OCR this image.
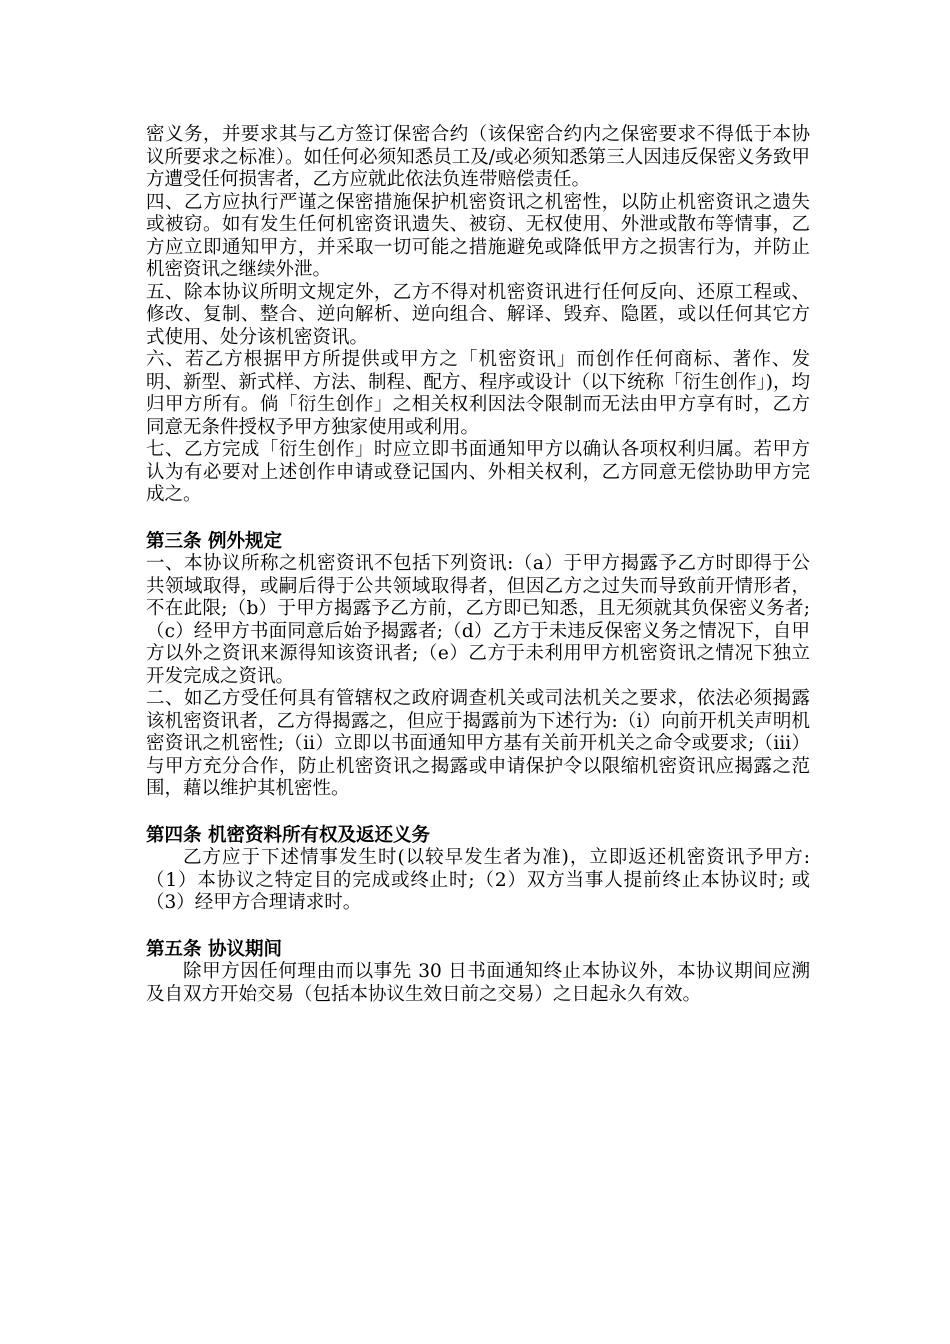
密义务，并要求其与乙方签订保密合约（该保密合约内之保密要求不得低于本协议所要求之标准）。如任何必须知悉员工及/或必须知悉第三人因违反保密义务致甲方遭受任何损害者，乙方应就此依法负连带赔偿责任。

四、乙方应执行严谨之保密措施保护机密资讯之机密性，以防止机密资讯之遗失或被窃。如有发生任何机密资讯遗失、被窃、无权使用、外泄或散布等情事，乙方应立即通知甲方，并采取一切可能之措施避免或降低甲方之损害行为，并防止机密资讯之继续外泄。

五、除本协议所明文规定外，乙方不得对机密资讯进行任何反向、还原工程或、修改、复制、整合、逆向解析、逆向组合、解译、毁弃、隐匿，或以任何其它方式使用、处分该机密资讯。

六、若乙方根据甲方所提供或甲方之「机密资讯」而创作任何商标、著作、发明、新型、新式样、方法、制程、配方、程序或设计（以下统称「衍生创作」)，均归甲方所有。倘「衍生创作」之相关权利因法令限制而无法由甲方享有时，乙方同意无条件授权予甲方独家使用或利用。

七、乙方完成「衍生创作」时应立即书面通知甲方以确认各项权利归属。若甲方认为有必要对上述创作申请或登记国内、外相关权利，乙方同意无偿协助甲方完成之。

第三条 例外规定

一、本协议所称之机密资讯不包括下列资讯:（a）于甲方揭露予乙方时即得于公共领域取得，或嗣后得于公共领域取得者，但因乙方之过失而导致前开情形者，不在此限;（b）于甲方揭露予乙方前，乙方即已知悉，且无须就其负保密义务者;（c）经甲方书面同意后始予揭露者;（d）乙方于未违反保密义务之情况下，自甲方以外之资讯来源得知该资讯者;（e）乙方于未利用甲方机密资讯之情况下独立开发完成之资讯。

二、如乙方受任何具有管辖权之政府调查机关或司法机关之要求，依法必须揭露该机密资讯者，乙方得揭露之，但应于揭露前为下述行为:（i）向前开机关声明机密资讯之机密性;（ii）立即以书面通知甲方基有关前开机关之命令或要求;（iii）与甲方充分合作，防止机密资讯之揭露或申请保护令以限缩机密资讯应揭露之范围，藉以维护其机密性。

第四条 机密资料所有权及返还义务

乙方应于下述情事发生时(以较早发生者为准)，立即返还机密资讯予甲方:（1）本协议之特定目的完成或终止时;（2）双方当事人提前终止本协议时; 或（3）经甲方合理请求时。

第五条 协议期间

除甲方因任何理由而以事先 30 日书面通知终止本协议外，本协议期间应溯及自双方开始交易（包括本协议生效日前之交易）之日起永久有效。
